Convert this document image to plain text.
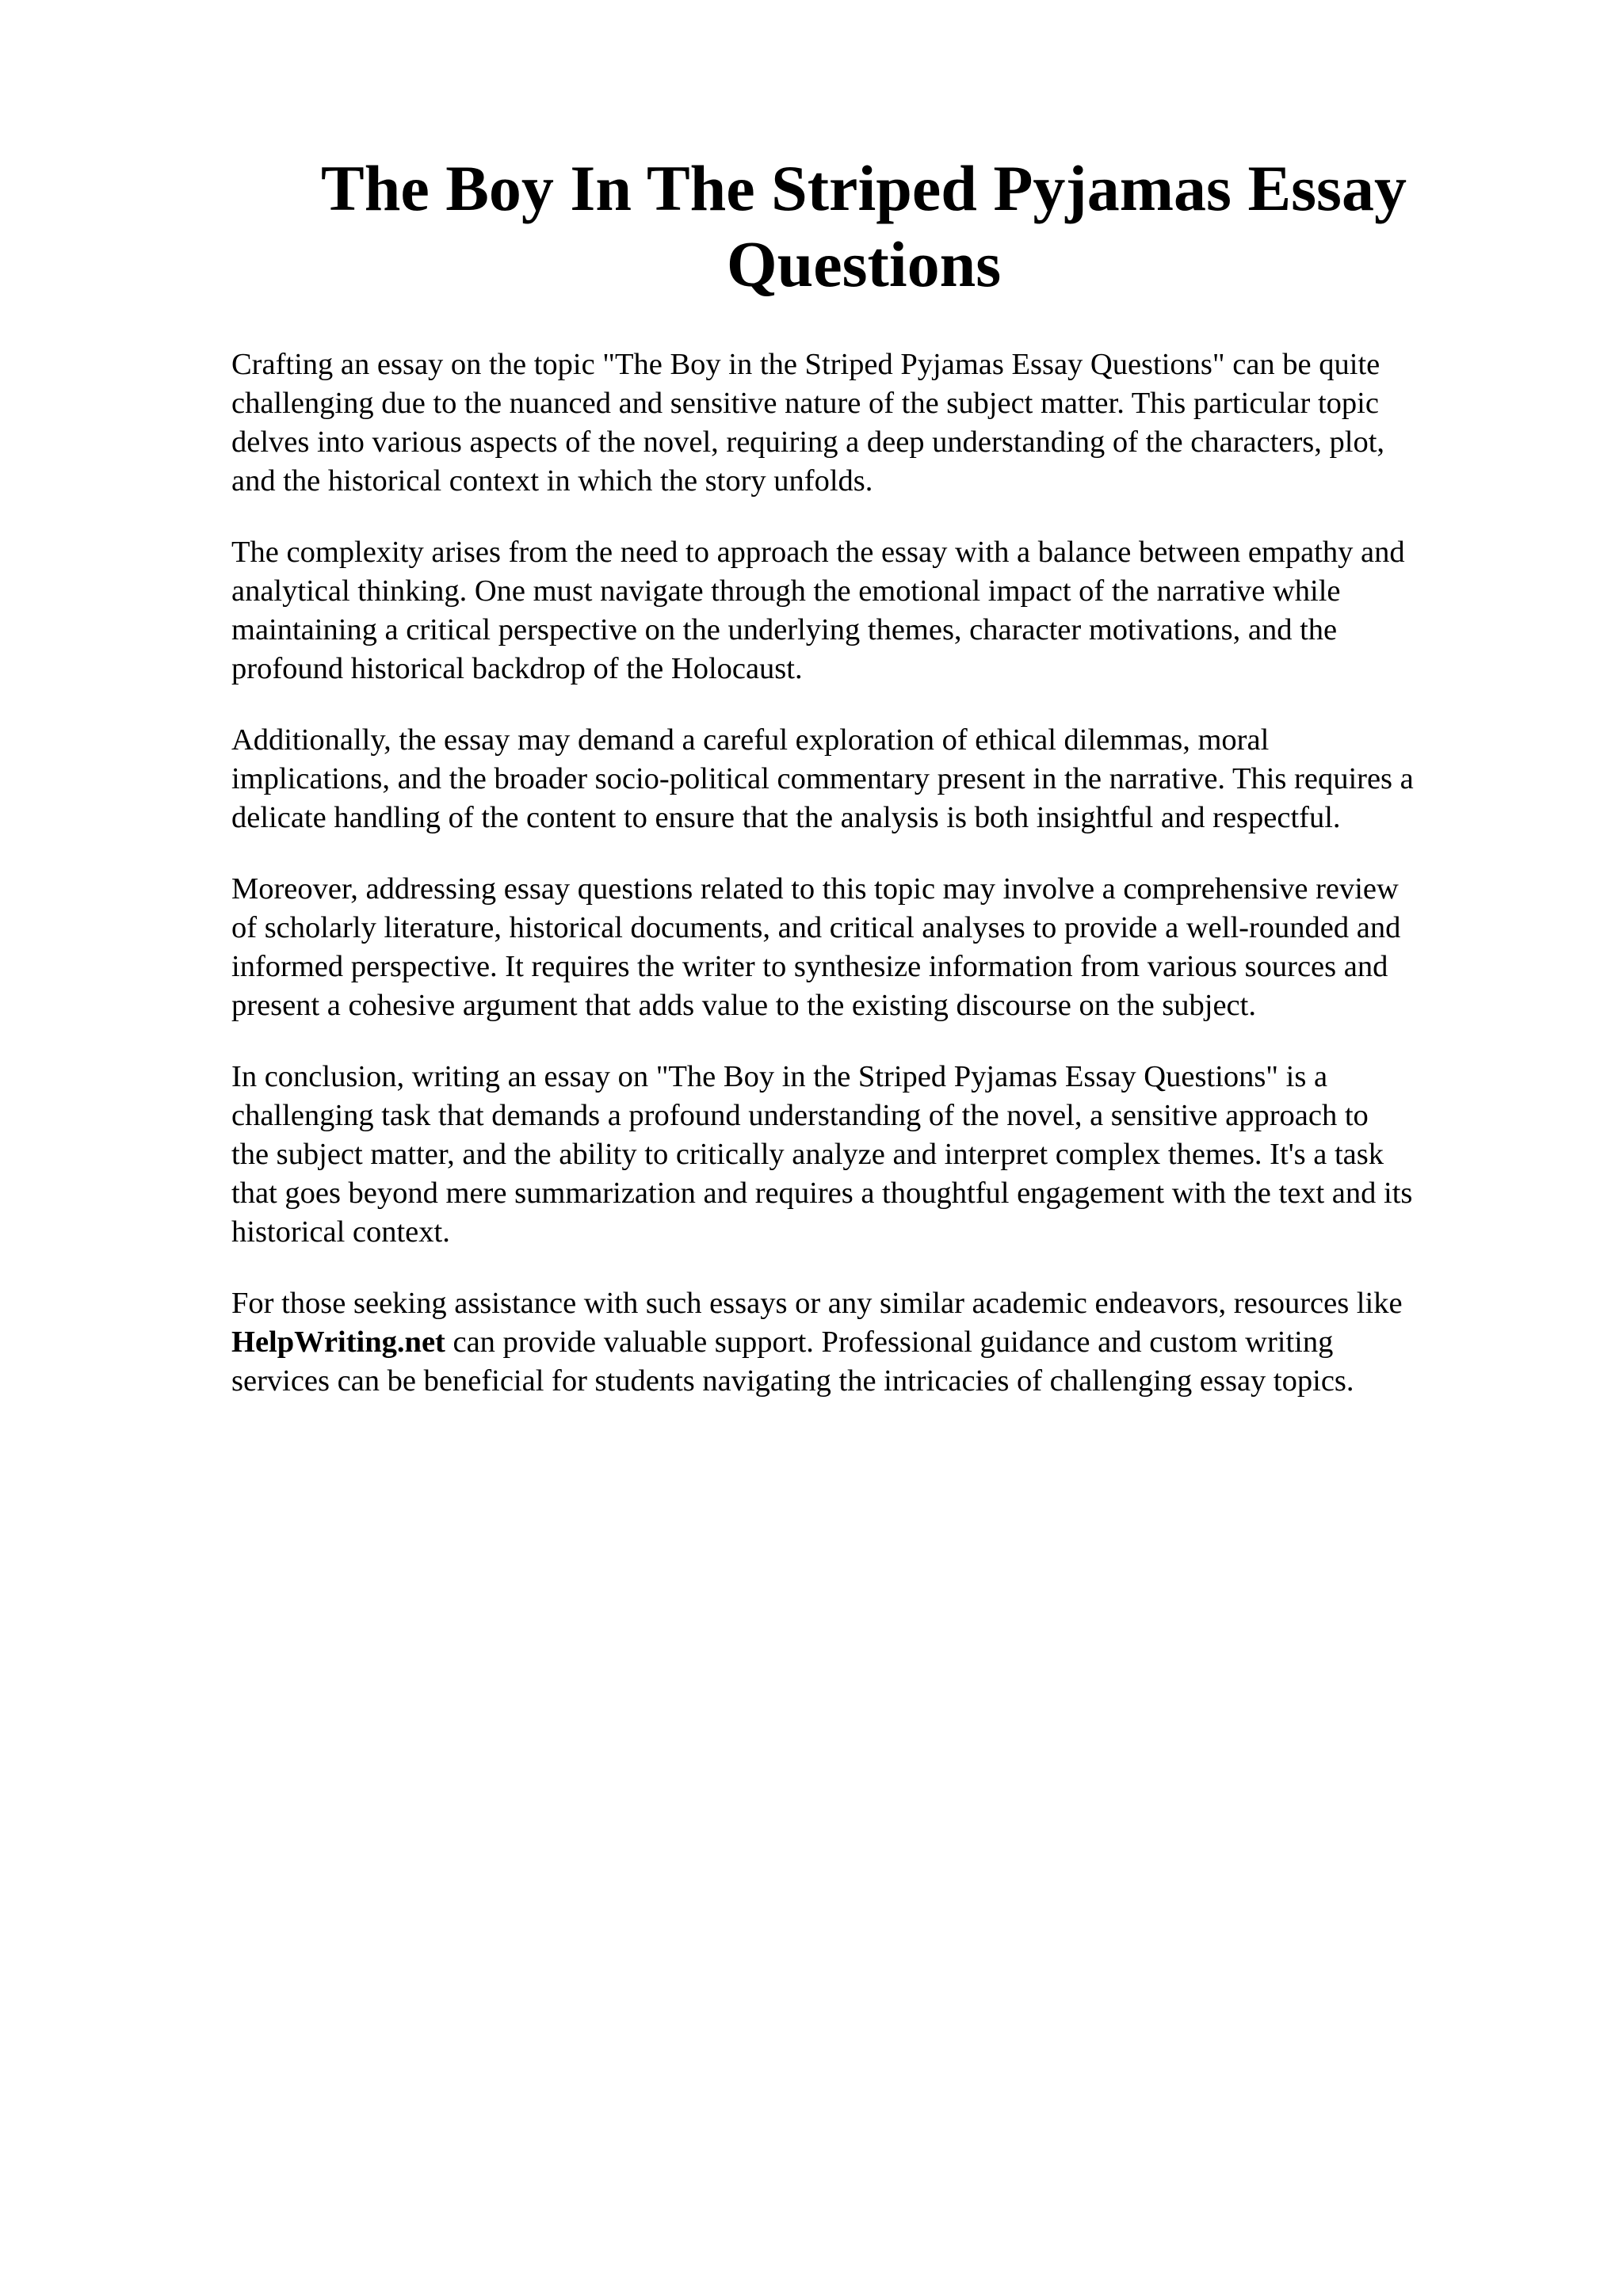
The Boy In The Striped Pyjamas Essay
Questions

Crafting an essay on the topic "The Boy in the Striped Pyjamas Essay Questions" can be quite
challenging due to the nuanced and sensitive nature of the subject matter. This particular topic
delves into various aspects of the novel, requiring a deep understanding of the characters, plot,
and the historical context in which the story unfolds.

The complexity arises from the need to approach the essay with a balance between empathy and
analytical thinking. One must navigate through the emotional impact of the narrative while
maintaining a critical perspective on the underlying themes, character motivations, and the
profound historical backdrop of the Holocaust.

Additionally, the essay may demand a careful exploration of ethical dilemmas, moral
implications, and the broader socio-political commentary present in the narrative. This requires a
delicate handling of the content to ensure that the analysis is both insightful and respectful.

Moreover, addressing essay questions related to this topic may involve a comprehensive review
of scholarly literature, historical documents, and critical analyses to provide a well-rounded and
informed perspective. It requires the writer to synthesize information from various sources and
present a cohesive argument that adds value to the existing discourse on the subject.

In conclusion, writing an essay on "The Boy in the Striped Pyjamas Essay Questions" is a
challenging task that demands a profound understanding of the novel, a sensitive approach to
the subject matter, and the ability to critically analyze and interpret complex themes. It's a task
that goes beyond mere summarization and requires a thoughtful engagement with the text and its
historical context.

For those seeking assistance with such essays or any similar academic endeavors, resources like
HelpWriting.net can provide valuable support. Professional guidance and custom writing
services can be beneficial for students navigating the intricacies of challenging essay topics.
